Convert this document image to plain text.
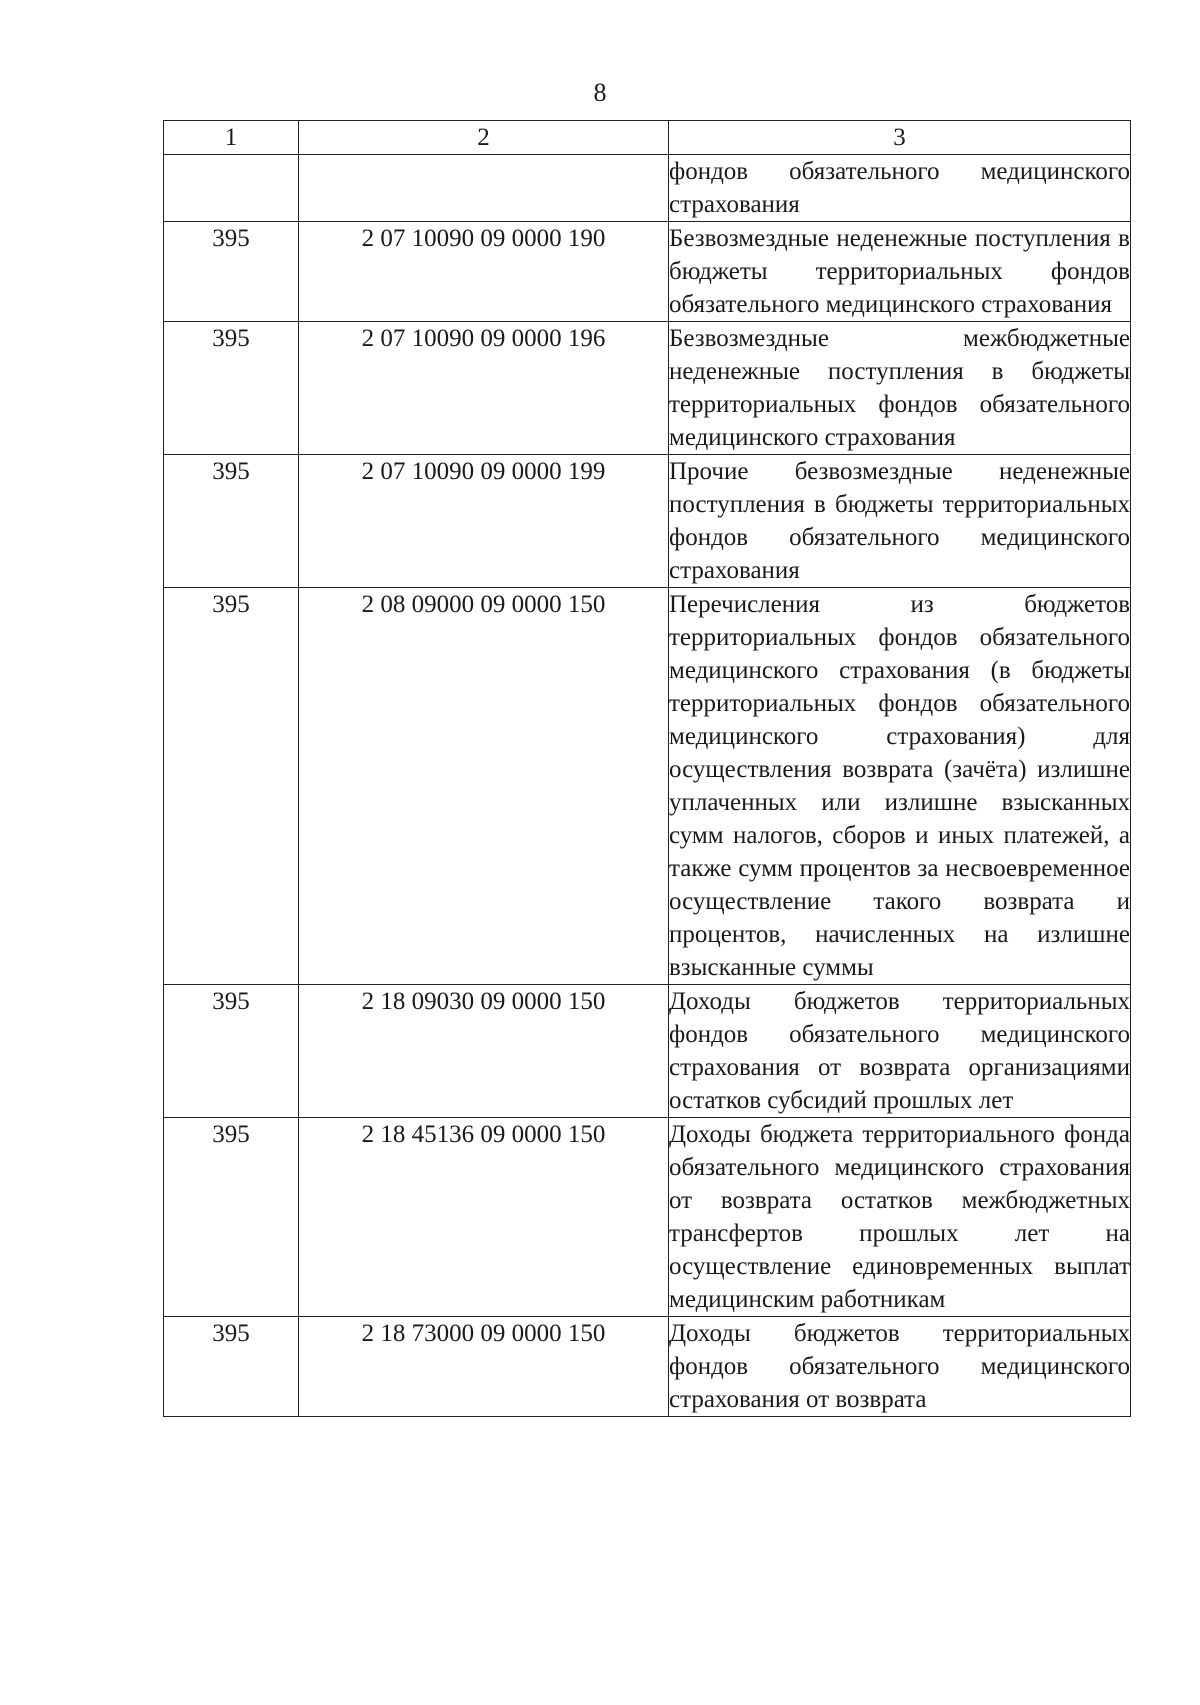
8
1	2	3
		фондов обязательного медицинского страхования
395	2 07 10090 09 0000 190	Безвозмездные неденежные поступления в бюджеты территориальных фондов обязательного медицинского страхования
395	2 07 10090 09 0000 196	Безвозмездные межбюджетные неденежные поступления в бюджеты территориальных фондов обязательного медицинского страхования
395	2 07 10090 09 0000 199	Прочие безвозмездные неденежные поступления в бюджеты территориальных фондов обязательного медицинского страхования
395	2 08 09000 09 0000 150	Перечисления из бюджетов территориальных фондов обязательного медицинского страхования (в бюджеты территориальных фондов обязательного медицинского страхования) для осуществления возврата (зачёта) излишне уплаченных или излишне взысканных сумм налогов, сборов и иных платежей, а также сумм процентов за несвоевременное осуществление такого возврата и процентов, начисленных на излишне взысканные суммы
395	2 18 09030 09 0000 150	Доходы бюджетов территориальных фондов обязательного медицинского страхования от возврата организациями остатков субсидий прошлых лет
395	2 18 45136 09 0000 150	Доходы бюджета территориального фонда обязательного медицинского страхования от возврата остатков межбюджетных трансфертов прошлых лет на осуществление единовременных выплат медицинским работникам
395	2 18 73000 09 0000 150	Доходы бюджетов территориальных фондов обязательного медицинского страхования от возврата
